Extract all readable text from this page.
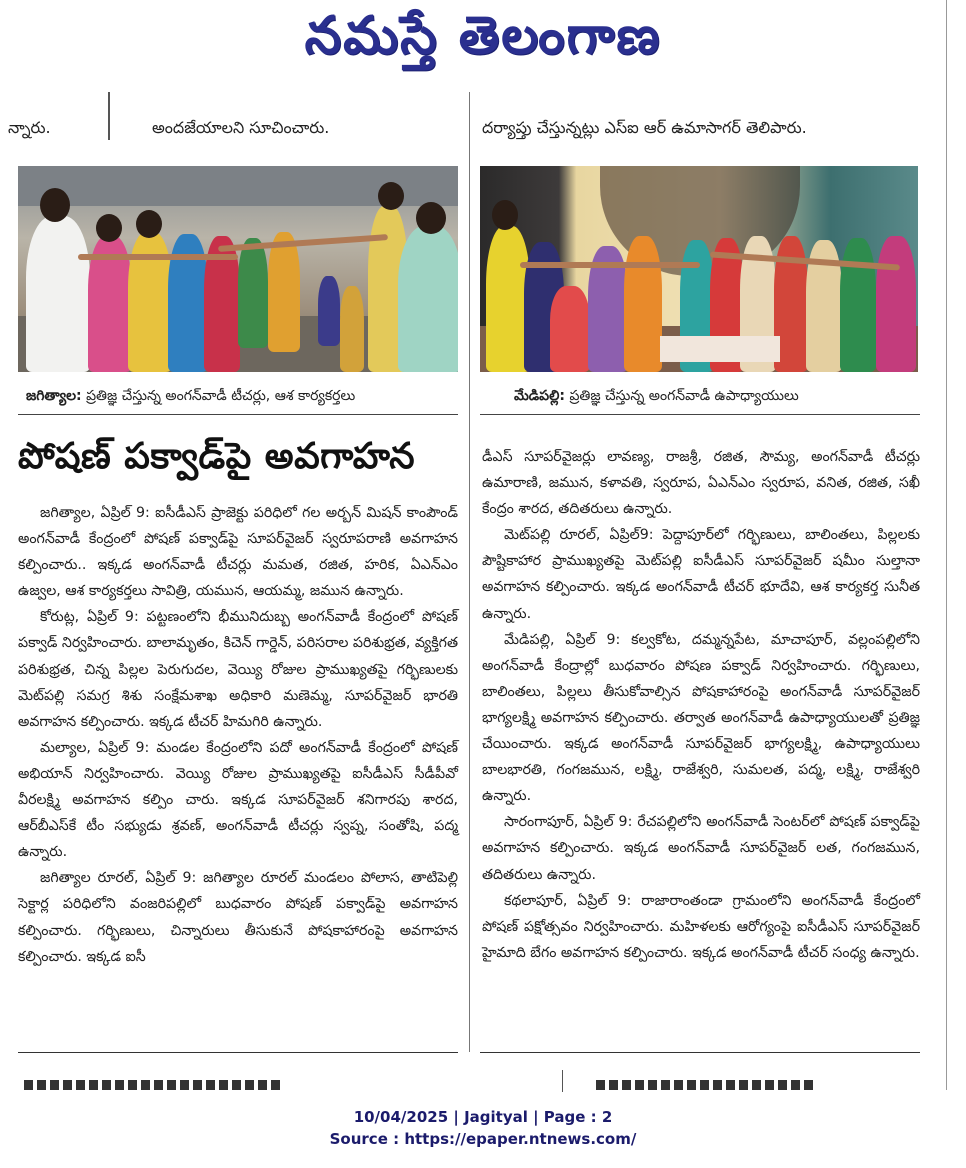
నమస్తే తెలంగాణ
న్నారు.	అందజేయాలని సూచించారు.	దర్యాప్తు చేస్తున్నట్లు ఎస్ఐ ఆర్ ఉమాసాగర్ తెలిపారు.
జగిత్యాల: ప్రతిజ్ఞ చేస్తున్న అంగన్‌వాడీ టీచర్లు, ఆశ కార్యకర్తలు	మేడిపల్లి: ప్రతిజ్ఞ చేస్తున్న అంగన్‌వాడీ ఉపాధ్యాయులు
పోషణ్ పక్వాడ్‌పై అవగాహన

జగిత్యాల, ఏప్రిల్ 9: ఐసీడీఎస్ ప్రాజెక్టు పరిధిలో గల అర్బన్ మిషన్ కాంపౌండ్ అంగన్‌వాడీ కేంద్రంలో పోషణ్ పక్వాడ్‌పై సూపర్‌వైజర్ స్వరూపరాణి అవగాహన కల్పించారు.. ఇక్కడ అంగన్‌వాడీ టీచర్లు మమత, రజిత, హరిక, ఏఎన్ఎం ఉజ్వల, ఆశ కార్యకర్తలు సావిత్రి, యమున, ఆయమ్మ, జమున ఉన్నారు.

కోరుట్ల, ఏప్రిల్ 9: పట్టణంలోని భీమునిదుబ్బ అంగన్‌వాడీ కేంద్రంలో పోషణ్ పక్వాడ్ నిర్వహించారు. బాలామృతం, కిచెన్ గార్డెన్, పరిసరాల పరిశుభ్రత, వ్యక్తిగత పరిశుభ్రత, చిన్న పిల్లల పెరుగుదల, వెయ్యి రోజుల ప్రాముఖ్యతపై గర్భిణులకు మెట్‌పల్లి సమగ్ర శిశు సంక్షేమశాఖ అధికారి మణెమ్మ, సూపర్‌వైజర్ భారతి అవగాహన కల్పించారు. ఇక్కడ టీచర్ హిమగిరి ఉన్నారు.

మల్యాల, ఏప్రిల్ 9: మండల కేంద్రంలోని పదో అంగన్‌వాడీ కేంద్రంలో పోషణ్ అభియాన్ నిర్వహించారు. వెయ్యి రోజుల ప్రాముఖ్యతపై ఐసీడీఎస్ సీడీపీవో వీరలక్ష్మి అవగాహన కల్పిం చారు. ఇక్కడ సూపర్‌వైజర్ శనిగారపు శారద, ఆర్‌బీఎస్‌కే టీం సభ్యుడు శ్రవణ్, అంగన్‌వాడీ టీచర్లు స్వప్న, సంతోషి, పద్మ ఉన్నారు.

జగిత్యాల రూరల్, ఏప్రిల్ 9: జగిత్యాల రూరల్ మండలం పోలాస, తాటిపెల్లి సెక్టార్ల పరిధిలోని వంజరిపల్లిలో బుధవారం పోషణ్ పక్వాడ్‌పై అవగాహన కల్పించారు. గర్భిణులు, చిన్నారులు తీసుకునే పోషకాహారంపై అవగాహన కల్పించారు. ఇక్కడ ఐసీ

డీఎస్ సూపర్‌వైజర్లు లావణ్య, రాజశ్రీ, రజిత, సౌమ్య, అంగన్‌వాడీ టీచర్లు ఉమారాణి, జమున, కళావతి, స్వరూప, ఏఎన్ఎం స్వరూప, వనిత, రజిత, సఖీ కేంద్రం శారద, తదితరులు ఉన్నారు.

మెట్‌పల్లి రూరల్, ఏప్రిల్9: పెద్దాపూర్‌లో గర్భిణులు, బాలింతలు, పిల్లలకు పౌష్టికాహార ప్రాముఖ్యతపై మెట్‌పల్లి ఐసీడీఎస్ సూపర్‌వైజర్ షమీం సుల్తానా అవగాహన కల్పించారు. ఇక్కడ అంగన్‌వాడీ టీచర్ భూదేవి, ఆశ కార్యకర్త సునీత ఉన్నారు.

మేడిపల్లి, ఏప్రిల్ 9: కల్వకోట, దమ్మన్నపేట, మాచాపూర్, వల్లంపల్లిలోని అంగన్‌వాడీ కేంద్రాల్లో బుధవారం పోషణ పక్వాడ్ నిర్వహించారు. గర్భిణులు, బాలింతలు, పిల్లలు తీసుకోవాల్సిన పోషకాహారంపై అంగన్‌వాడీ సూపర్‌వైజర్ భాగ్యలక్ష్మి అవగాహన కల్పించారు. తర్వాత అంగన్‌వాడీ ఉపాధ్యాయులతో ప్రతిజ్ఞ చేయించారు. ఇక్కడ అంగన్‌వాడీ సూపర్‌వైజర్ భాగ్యలక్ష్మి, ఉపాధ్యాయులు బాలభారతి, గంగజమున, లక్ష్మి, రాజేశ్వరి, సుమలత, పద్మ, లక్ష్మి, రాజేశ్వరి ఉన్నారు.

సారంగాపూర్, ఏప్రిల్ 9: రేచపల్లిలోని అంగన్‌వాడీ సెంటర్‌లో పోషణ్ పక్వాడ్‌పై అవగాహన కల్పించారు. ఇక్కడ అంగన్‌వాడీ సూపర్‌వైజర్ లత, గంగజమున, తదితరులు ఉన్నారు.

కథలాపూర్, ఏప్రిల్ 9: రాజారాంతండా గ్రామంలోని అంగన్‌వాడీ కేంద్రంలో పోషణ్ పక్షోత్సవం నిర్వహించారు. మహిళలకు ఆరోగ్యంపై ఐసీడీఎస్ సూపర్‌వైజర్ హైమాది బేగం అవగాహన కల్పించారు. ఇక్కడ అంగన్‌వాడీ టీచర్ సంధ్య ఉన్నారు.

10/04/2025 | Jagityal | Page : 2
Source : https://epaper.ntnews.com/
